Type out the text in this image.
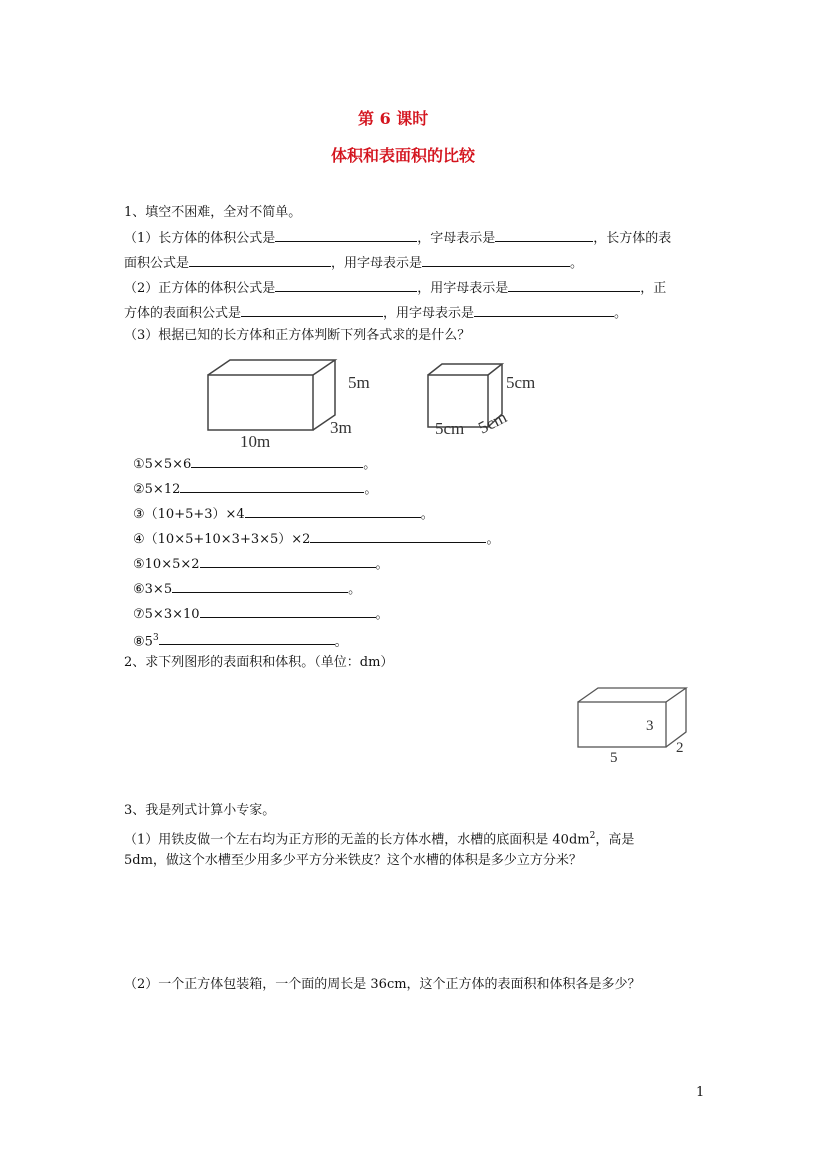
第 6 课时
体积和表面积的比较
1、填空不困难，全对不简单。
（1）长方体的体积公式是	，字母表示是	，长方体的表
面积公式是	，用字母表示是	。
（2）正方体的体积公式是	，用字母表示是	，正
方体的表面积公式是	，用字母表示是	。
（3）根据已知的长方体和正方体判断下列各式求的是什么？
5m
3m
10m
5cm
5cm 5cm
①5×5×6	。
②5×12	。
③（10+5+3）×4	。
④（10×5+10×3+3×5）×2	。
⑤10×5×2	。
⑥3×5	。
⑦5×3×10	。
$⑧5^3$	。
2、求下列图形的表面积和体积。（单位：dm）
3
2
5
3、我是列式计算小专家。
（1）用铁皮做一个左右均为正方形的无盖的长方体水槽，水槽的底面积是 $40dm^2$，高是
5dm，做这个水槽至少用多少平方分米铁皮？这个水槽的体积是多少立方分米？
（2）一个正方体包装箱，一个面的周长是 36cm，这个正方体的表面积和体积各是多少？
1
